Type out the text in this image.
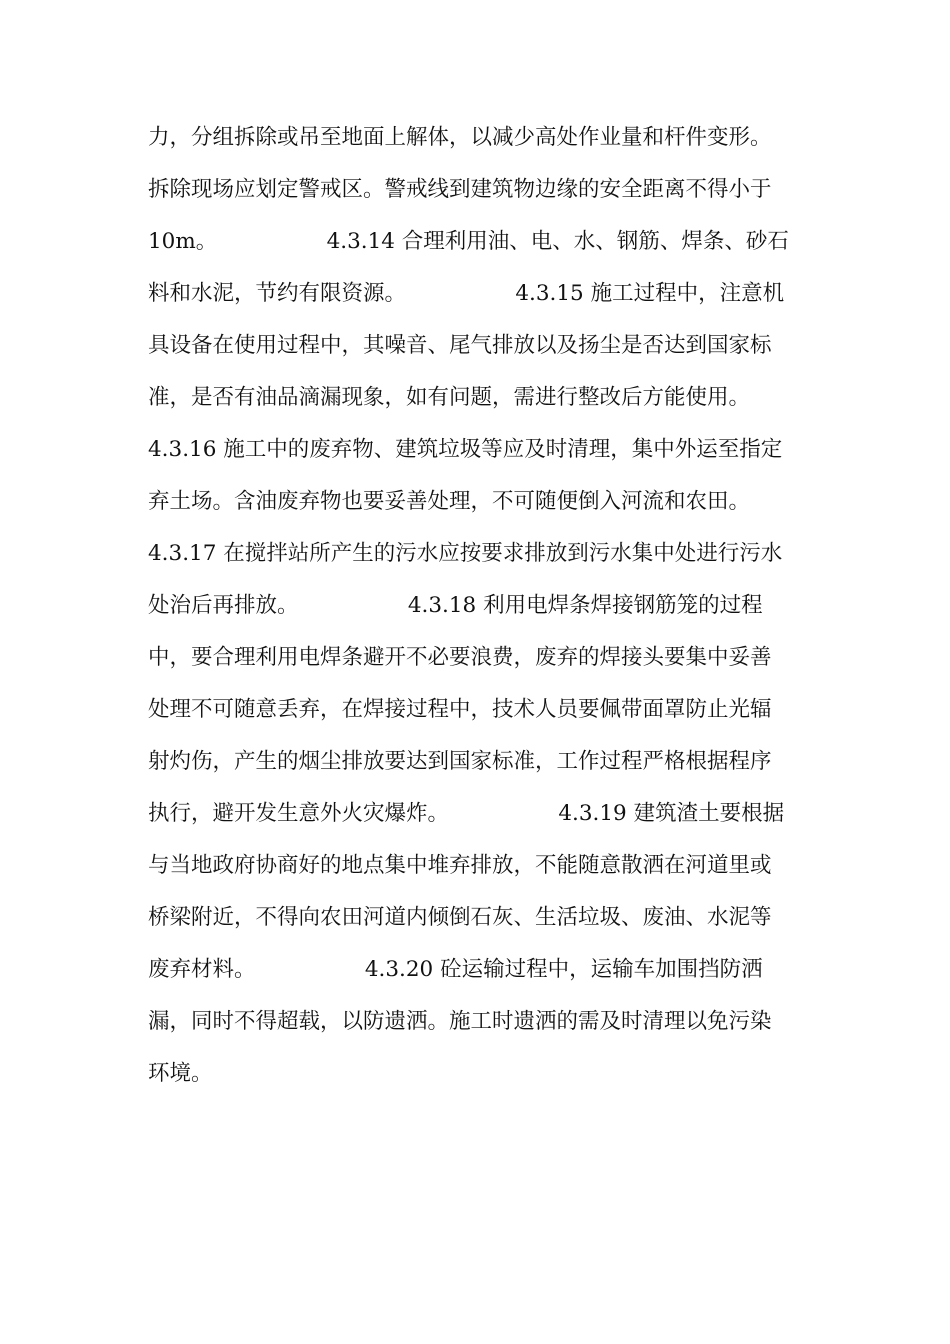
力，分组拆除或吊至地面上解体，以减少高处作业量和杆件变形。
拆除现场应划定警戒区。警戒线到建筑物边缘的安全距离不得小于
10m。                4.3.14 合理利用油、电、水、钢筋、焊条、砂石
料和水泥，节约有限资源。                4.3.15 施工过程中，注意机
具设备在使用过程中，其噪音、尾气排放以及扬尘是否达到国家标
准，是否有油品滴漏现象，如有问题，需进行整改后方能使用。
4.3.16 施工中的废弃物、建筑垃圾等应及时清理，集中外运至指定
弃土场。含油废弃物也要妥善处理，不可随便倒入河流和农田。
4.3.17 在搅拌站所产生的污水应按要求排放到污水集中处进行污水
处治后再排放。                4.3.18 利用电焊条焊接钢筋笼的过程
中，要合理利用电焊条避开不必要浪费，废弃的焊接头要集中妥善
处理不可随意丢弃，在焊接过程中，技术人员要佩带面罩防止光辐
射灼伤，产生的烟尘排放要达到国家标准，工作过程严格根据程序
执行，避开发生意外火灾爆炸。                4.3.19 建筑渣土要根据
与当地政府协商好的地点集中堆弃排放，不能随意散洒在河道里或
桥梁附近，不得向农田河道内倾倒石灰、生活垃圾、废油、水泥等
废弃材料。                4.3.20 砼运输过程中，运输车加围挡防洒
漏，同时不得超载，以防遗洒。施工时遗洒的需及时清理以免污染
环境。
